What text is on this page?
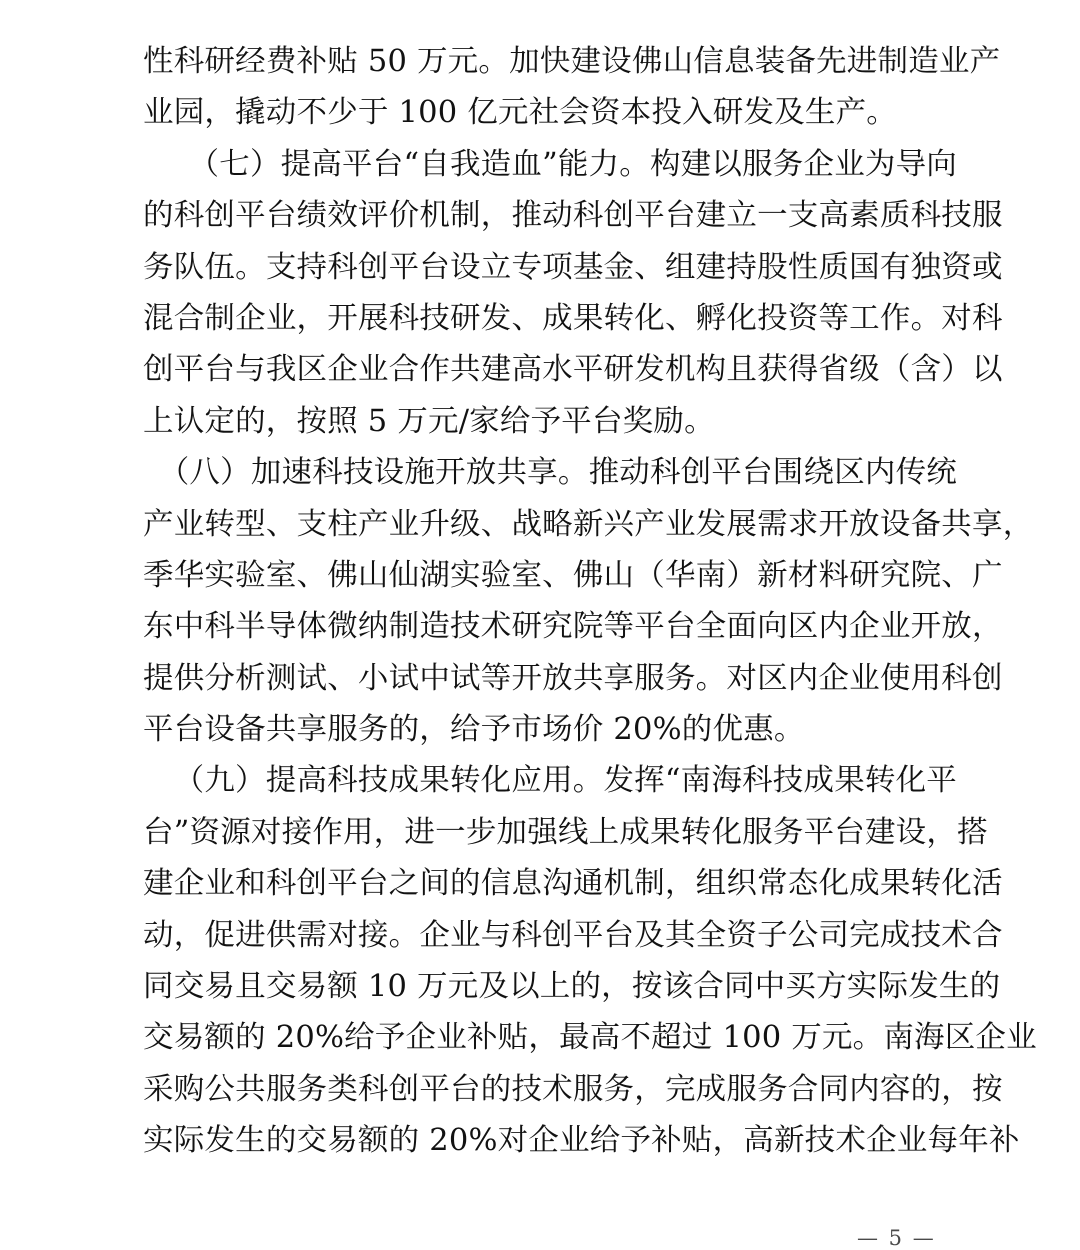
性 科 研 经 费 补 贴
5 0
万 元 。 加 快 建 设 佛 山 信 息 装 备 先 进 制 造 业 产
业园，撬动不少于 100 亿元社会资本投入研发及生产。
（ 七 ） 提 高 平 台 “ 自 我 造 血 ” 能 力 。 构 建 以 服 务 企 业 为 导 向
的 科 创 平 台 绩 效 评 价 机 制 ， 推 动 科 创 平 台 建 立 一 支 高 素 质 科 技 服
务 队 伍 。 支 持 科 创 平 台 设 立 专 项 基 金 、 组 建 持 股 性 质 国 有 独 资 或
混 合 制 企 业 ， 开 展 科 技 研 发 、 成 果 转 化 、 孵 化 投 资 等 工 作 。 对 科
创 平 台 与 我 区 企 业 合 作 共 建 高 水 平 研 发 机 构 且 获 得 省 级 （ 含 ） 以
上认定的，按照 5 万元/家给予平台奖励。
（ 八 ） 加 速 科 技 设 施 开 放 共 享 。 推 动 科 创 平 台 围 绕 区 内 传 统
产 业 转 型 、 支 柱 产 业 升 级 、 战 略 新 兴 产 业 发 展 需 求 开 放 设 备 共 享 ，
季 华 实 验 室 、 佛 山 仙 湖 实 验 室 、 佛 山 （ 华 南 ） 新 材 料 研 究 院 、 广
东 中 科 半 导 体 微 纳 制 造 技 术 研 究 院 等 平 台 全 面 向 区 内 企 业 开 放 ，
提 供 分 析 测 试 、 小 试 中 试 等 开 放 共 享 服 务 。 对 区 内 企 业 使 用 科 创
平台设备共享服务的，给予市场价 20%的优惠。
（ 九 ） 提 高 科 技 成 果 转 化 应 用 。 发 挥 “ 南 海 科 技 成 果 转 化 平
台 ” 资 源 对 接 作 用 ， 进 一 步 加 强 线 上 成 果 转 化 服 务 平 台 建 设 ， 搭
建 企 业 和 科 创 平 台 之 间 的 信 息 沟 通 机 制 ， 组 织 常 态 化 成 果 转 化 活
动 ， 促 进 供 需 对 接 。 企 业 与 科 创 平 台 及 其 全 资 子 公 司 完 成 技 术 合
同 交 易 且 交 易 额
1 0
万 元 及 以 上 的 ， 按 该 合 同 中 买 方 实 际 发 生 的
交 易 额 的
2 0 % 给 予 企 业 补 贴 ， 最 高 不 超 过
1 0 0
万 元 。 南 海 区 企 业
采 购 公 共 服 务 类 科 创 平 台 的 技 术 服 务 ， 完 成 服 务 合 同 内 容 的 ， 按
实 际 发 生 的 交 易 额 的
2 0 % 对 企 业 给 予 补 贴 ， 高 新 技 术 企 业 每 年 补
— 5 —
